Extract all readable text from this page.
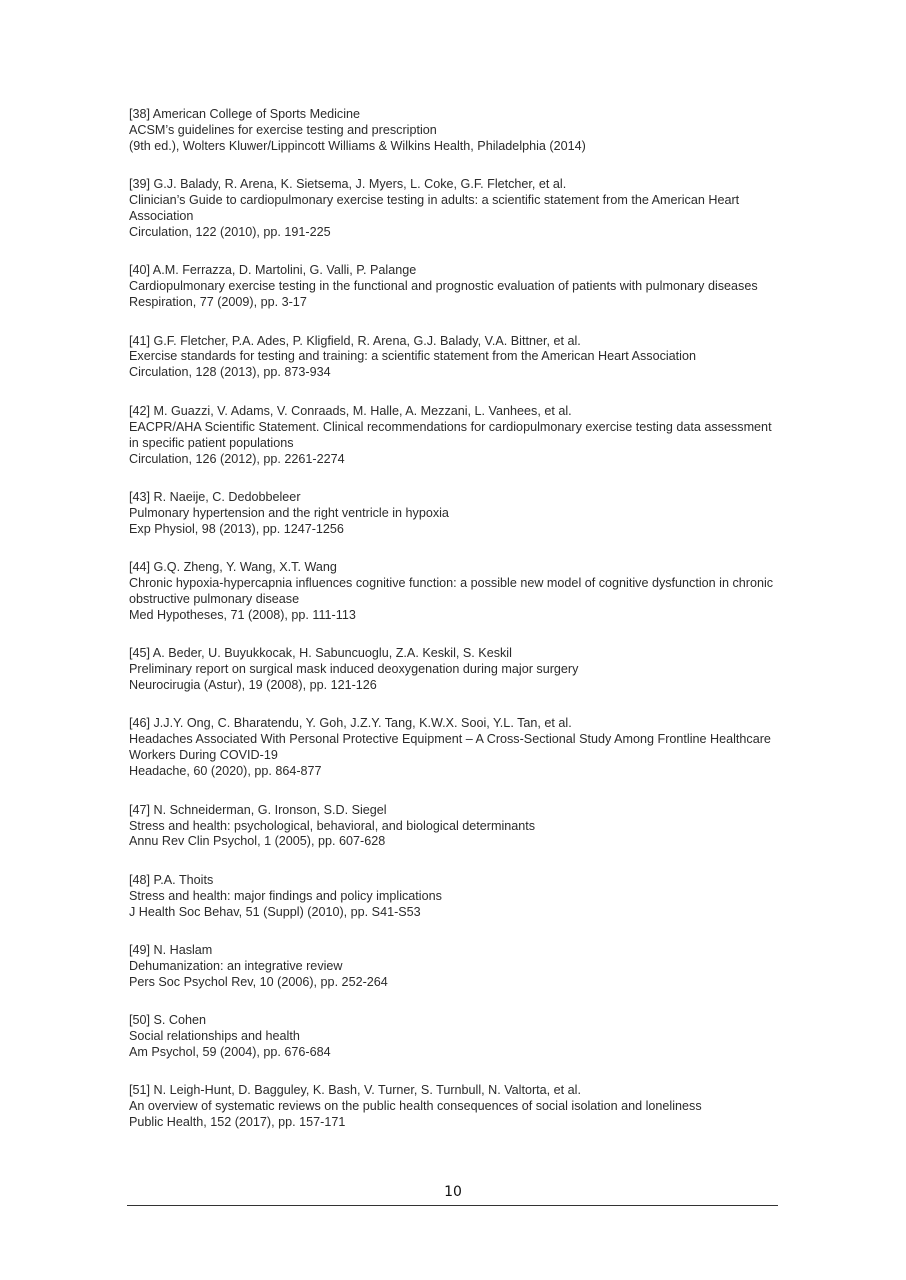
[38] American College of Sports Medicine
ACSM’s guidelines for exercise testing and prescription
(9th ed.), Wolters Kluwer/Lippincott Williams & Wilkins Health, Philadelphia (2014)
[39] G.J. Balady, R. Arena, K. Sietsema, J. Myers, L. Coke, G.F. Fletcher, et al.
Clinician’s Guide to cardiopulmonary exercise testing in adults: a scientific statement from the American Heart Association
Circulation, 122 (2010), pp. 191-225
[40] A.M. Ferrazza, D. Martolini, G. Valli, P. Palange
Cardiopulmonary exercise testing in the functional and prognostic evaluation of patients with pulmonary diseases
Respiration, 77 (2009), pp. 3-17
[41] G.F. Fletcher, P.A. Ades, P. Kligfield, R. Arena, G.J. Balady, V.A. Bittner, et al.
Exercise standards for testing and training: a scientific statement from the American Heart Association
Circulation, 128 (2013), pp. 873-934
[42] M. Guazzi, V. Adams, V. Conraads, M. Halle, A. Mezzani, L. Vanhees, et al.
EACPR/AHA Scientific Statement. Clinical recommendations for cardiopulmonary exercise testing data assessment in specific patient populations
Circulation, 126 (2012), pp. 2261-2274
[43] R. Naeije, C. Dedobbeleer
Pulmonary hypertension and the right ventricle in hypoxia
Exp Physiol, 98 (2013), pp. 1247-1256
[44] G.Q. Zheng, Y. Wang, X.T. Wang
Chronic hypoxia-hypercapnia influences cognitive function: a possible new model of cognitive dysfunction in chronic obstructive pulmonary disease
Med Hypotheses, 71 (2008), pp. 111-113
[45] A. Beder, U. Buyukkocak, H. Sabuncuoglu, Z.A. Keskil, S. Keskil
Preliminary report on surgical mask induced deoxygenation during major surgery
Neurocirugia (Astur), 19 (2008), pp. 121-126
[46] J.J.Y. Ong, C. Bharatendu, Y. Goh, J.Z.Y. Tang, K.W.X. Sooi, Y.L. Tan, et al.
Headaches Associated With Personal Protective Equipment – A Cross-Sectional Study Among Frontline Healthcare Workers During COVID-19
Headache, 60 (2020), pp. 864-877
[47] N. Schneiderman, G. Ironson, S.D. Siegel
Stress and health: psychological, behavioral, and biological determinants
Annu Rev Clin Psychol, 1 (2005), pp. 607-628
[48] P.A. Thoits
Stress and health: major findings and policy implications
J Health Soc Behav, 51 (Suppl) (2010), pp. S41-S53
[49] N. Haslam
Dehumanization: an integrative review
Pers Soc Psychol Rev, 10 (2006), pp. 252-264
[50] S. Cohen
Social relationships and health
Am Psychol, 59 (2004), pp. 676-684
[51] N. Leigh-Hunt, D. Bagguley, K. Bash, V. Turner, S. Turnbull, N. Valtorta, et al.
An overview of systematic reviews on the public health consequences of social isolation and loneliness
Public Health, 152 (2017), pp. 157-171
10
